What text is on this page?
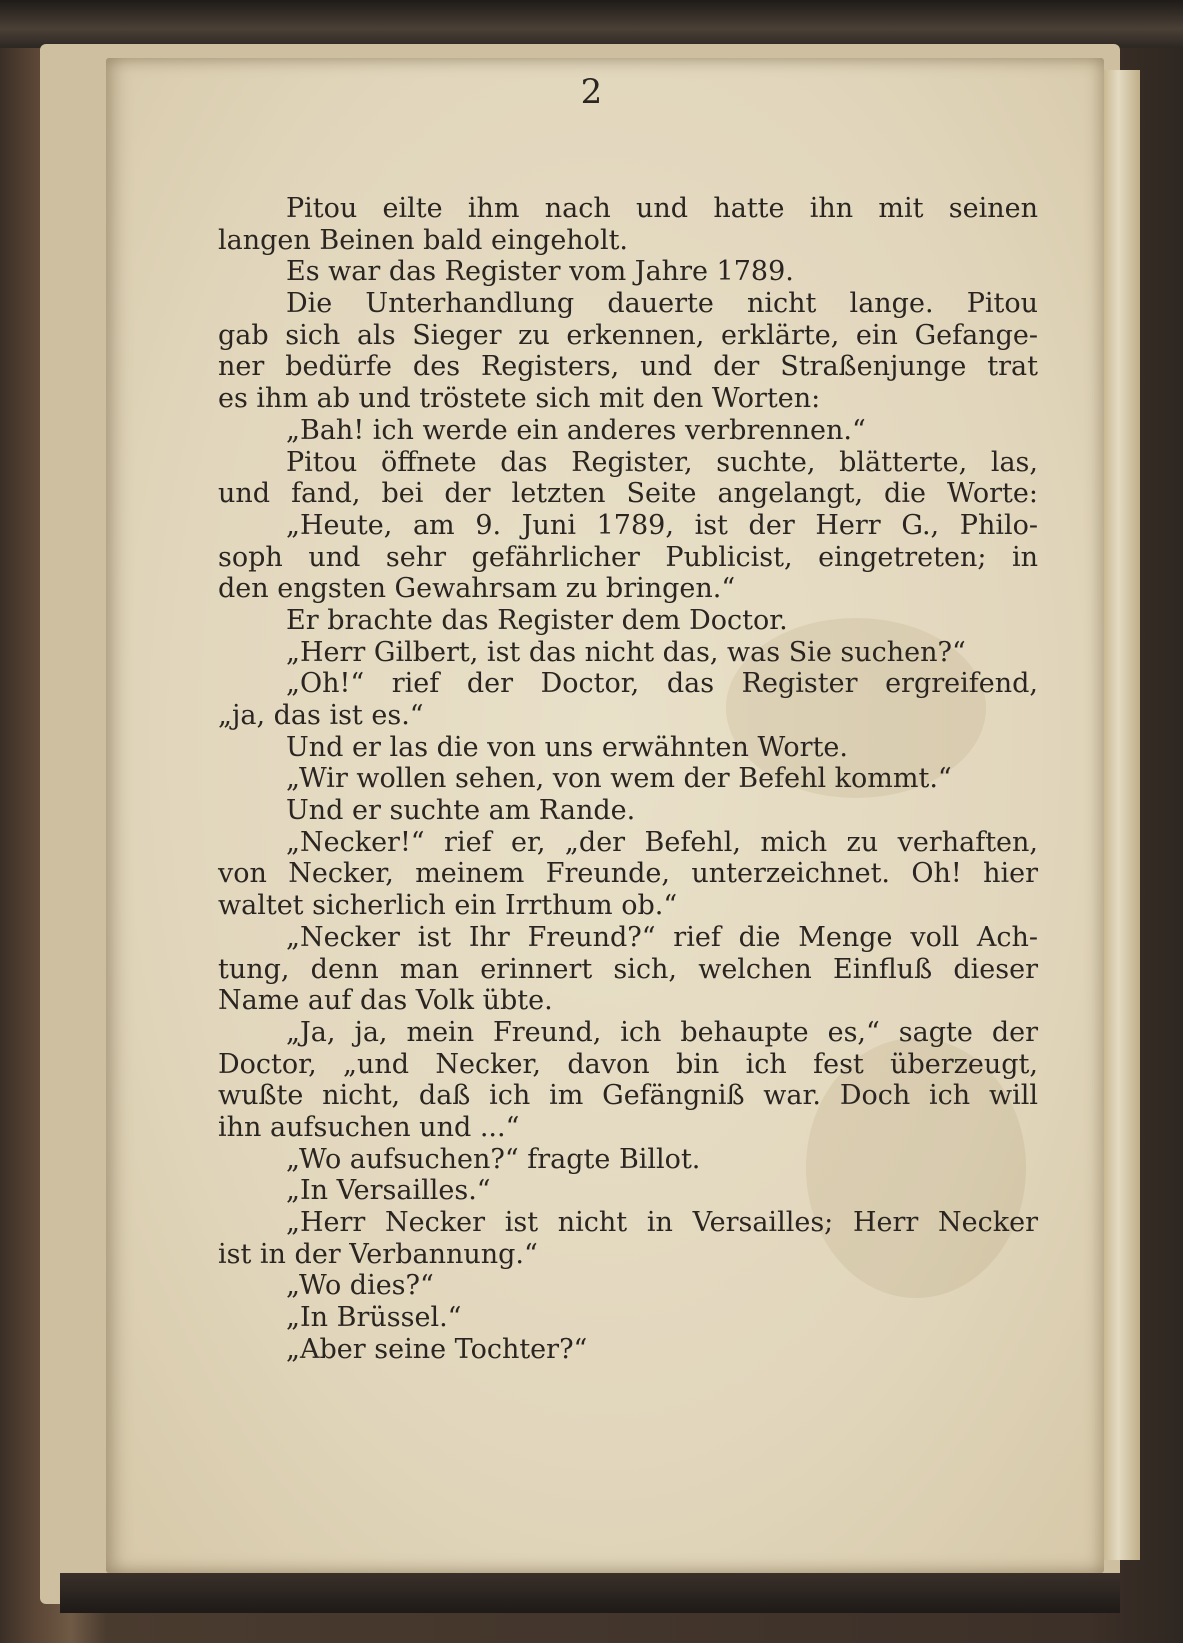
2

Pitou eilte ihm nach und hatte ihn mit seinen
langen Beinen bald eingeholt.
Es war das Register vom Jahre 1789.
Die Unterhandlung dauerte nicht lange. Pitou
gab sich als Sieger zu erkennen, erklärte, ein Gefange-
ner bedürfe des Registers, und der Straßenjunge trat
es ihm ab und tröstete sich mit den Worten:
„Bah! ich werde ein anderes verbrennen.“
Pitou öffnete das Register, suchte, blätterte, las,
und fand, bei der letzten Seite angelangt, die Worte:
„Heute, am 9. Juni 1789, ist der Herr G., Philo-
soph und sehr gefährlicher Publicist, eingetreten; in
den engsten Gewahrsam zu bringen.“
Er brachte das Register dem Doctor.
„Herr Gilbert, ist das nicht das, was Sie suchen?“
„Oh!“ rief der Doctor, das Register ergreifend,
„ja, das ist es.“
Und er las die von uns erwähnten Worte.
„Wir wollen sehen, von wem der Befehl kommt.“
Und er suchte am Rande.
„Necker!“ rief er, „der Befehl, mich zu verhaften,
von Necker, meinem Freunde, unterzeichnet. Oh! hier
waltet sicherlich ein Irrthum ob.“
„Necker ist Ihr Freund?“ rief die Menge voll Ach-
tung, denn man erinnert sich, welchen Einfluß dieser
Name auf das Volk übte.
„Ja, ja, mein Freund, ich behaupte es,“ sagte der
Doctor, „und Necker, davon bin ich fest überzeugt,
wußte nicht, daß ich im Gefängniß war. Doch ich will
ihn aufsuchen und ...“
„Wo aufsuchen?“ fragte Billot.
„In Versailles.“
„Herr Necker ist nicht in Versailles; Herr Necker
ist in der Verbannung.“
„Wo dies?“
„In Brüssel.“
„Aber seine Tochter?“
